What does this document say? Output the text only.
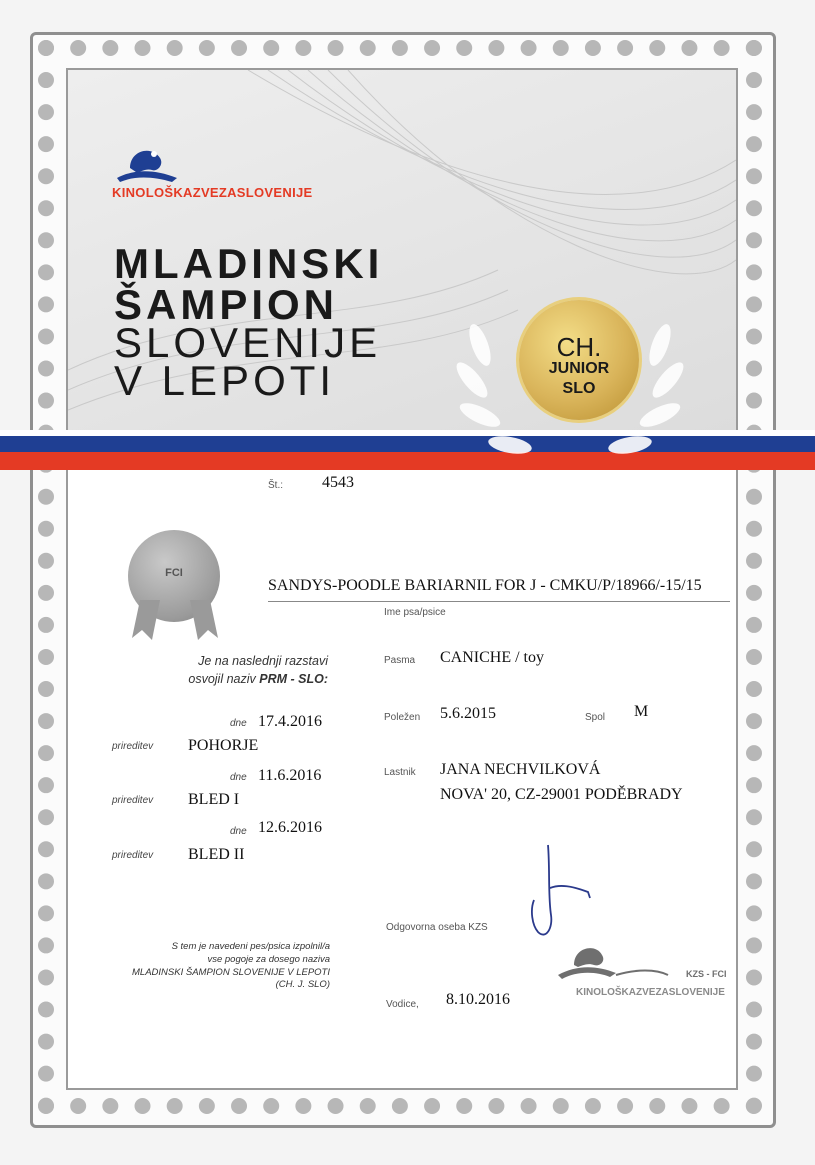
KINOLOŠKAZVEZASLOVENIJE
MLADINSKI
ŠAMPION
SLOVENIJE
V LEPOTI
CH.
JUNIOR
SLO
Št.: 4543
FCI
SANDYS-POODLE BARIARNIL FOR J - CMKU/P/18966/-15/15
Ime psa/psice
Je na naslednji razstavi
osvojil naziv PRM - SLO:
Pasma CANICHE / toy
dne 17.4.2016
prireditev POHORJE
dne 11.6.2016
prireditev BLED I
dne 12.6.2016
prireditev BLED II
Poležen 5.6.2015	Spol M
Lastnik JANA NECHVILKOVÁ
NOVA' 20, CZ-29001 PODĚBRADY
Odgovorna oseba KZS
KZS - FCI
KINOLOŠKAZVEZASLOVENIJE
S tem je navedeni pes/psica izpolnil/a
vse pogoje za dosego naziva
MLADINSKI ŠAMPION SLOVENIJE V LEPOTI
(CH. J. SLO)
Vodice, 8.10.2016
